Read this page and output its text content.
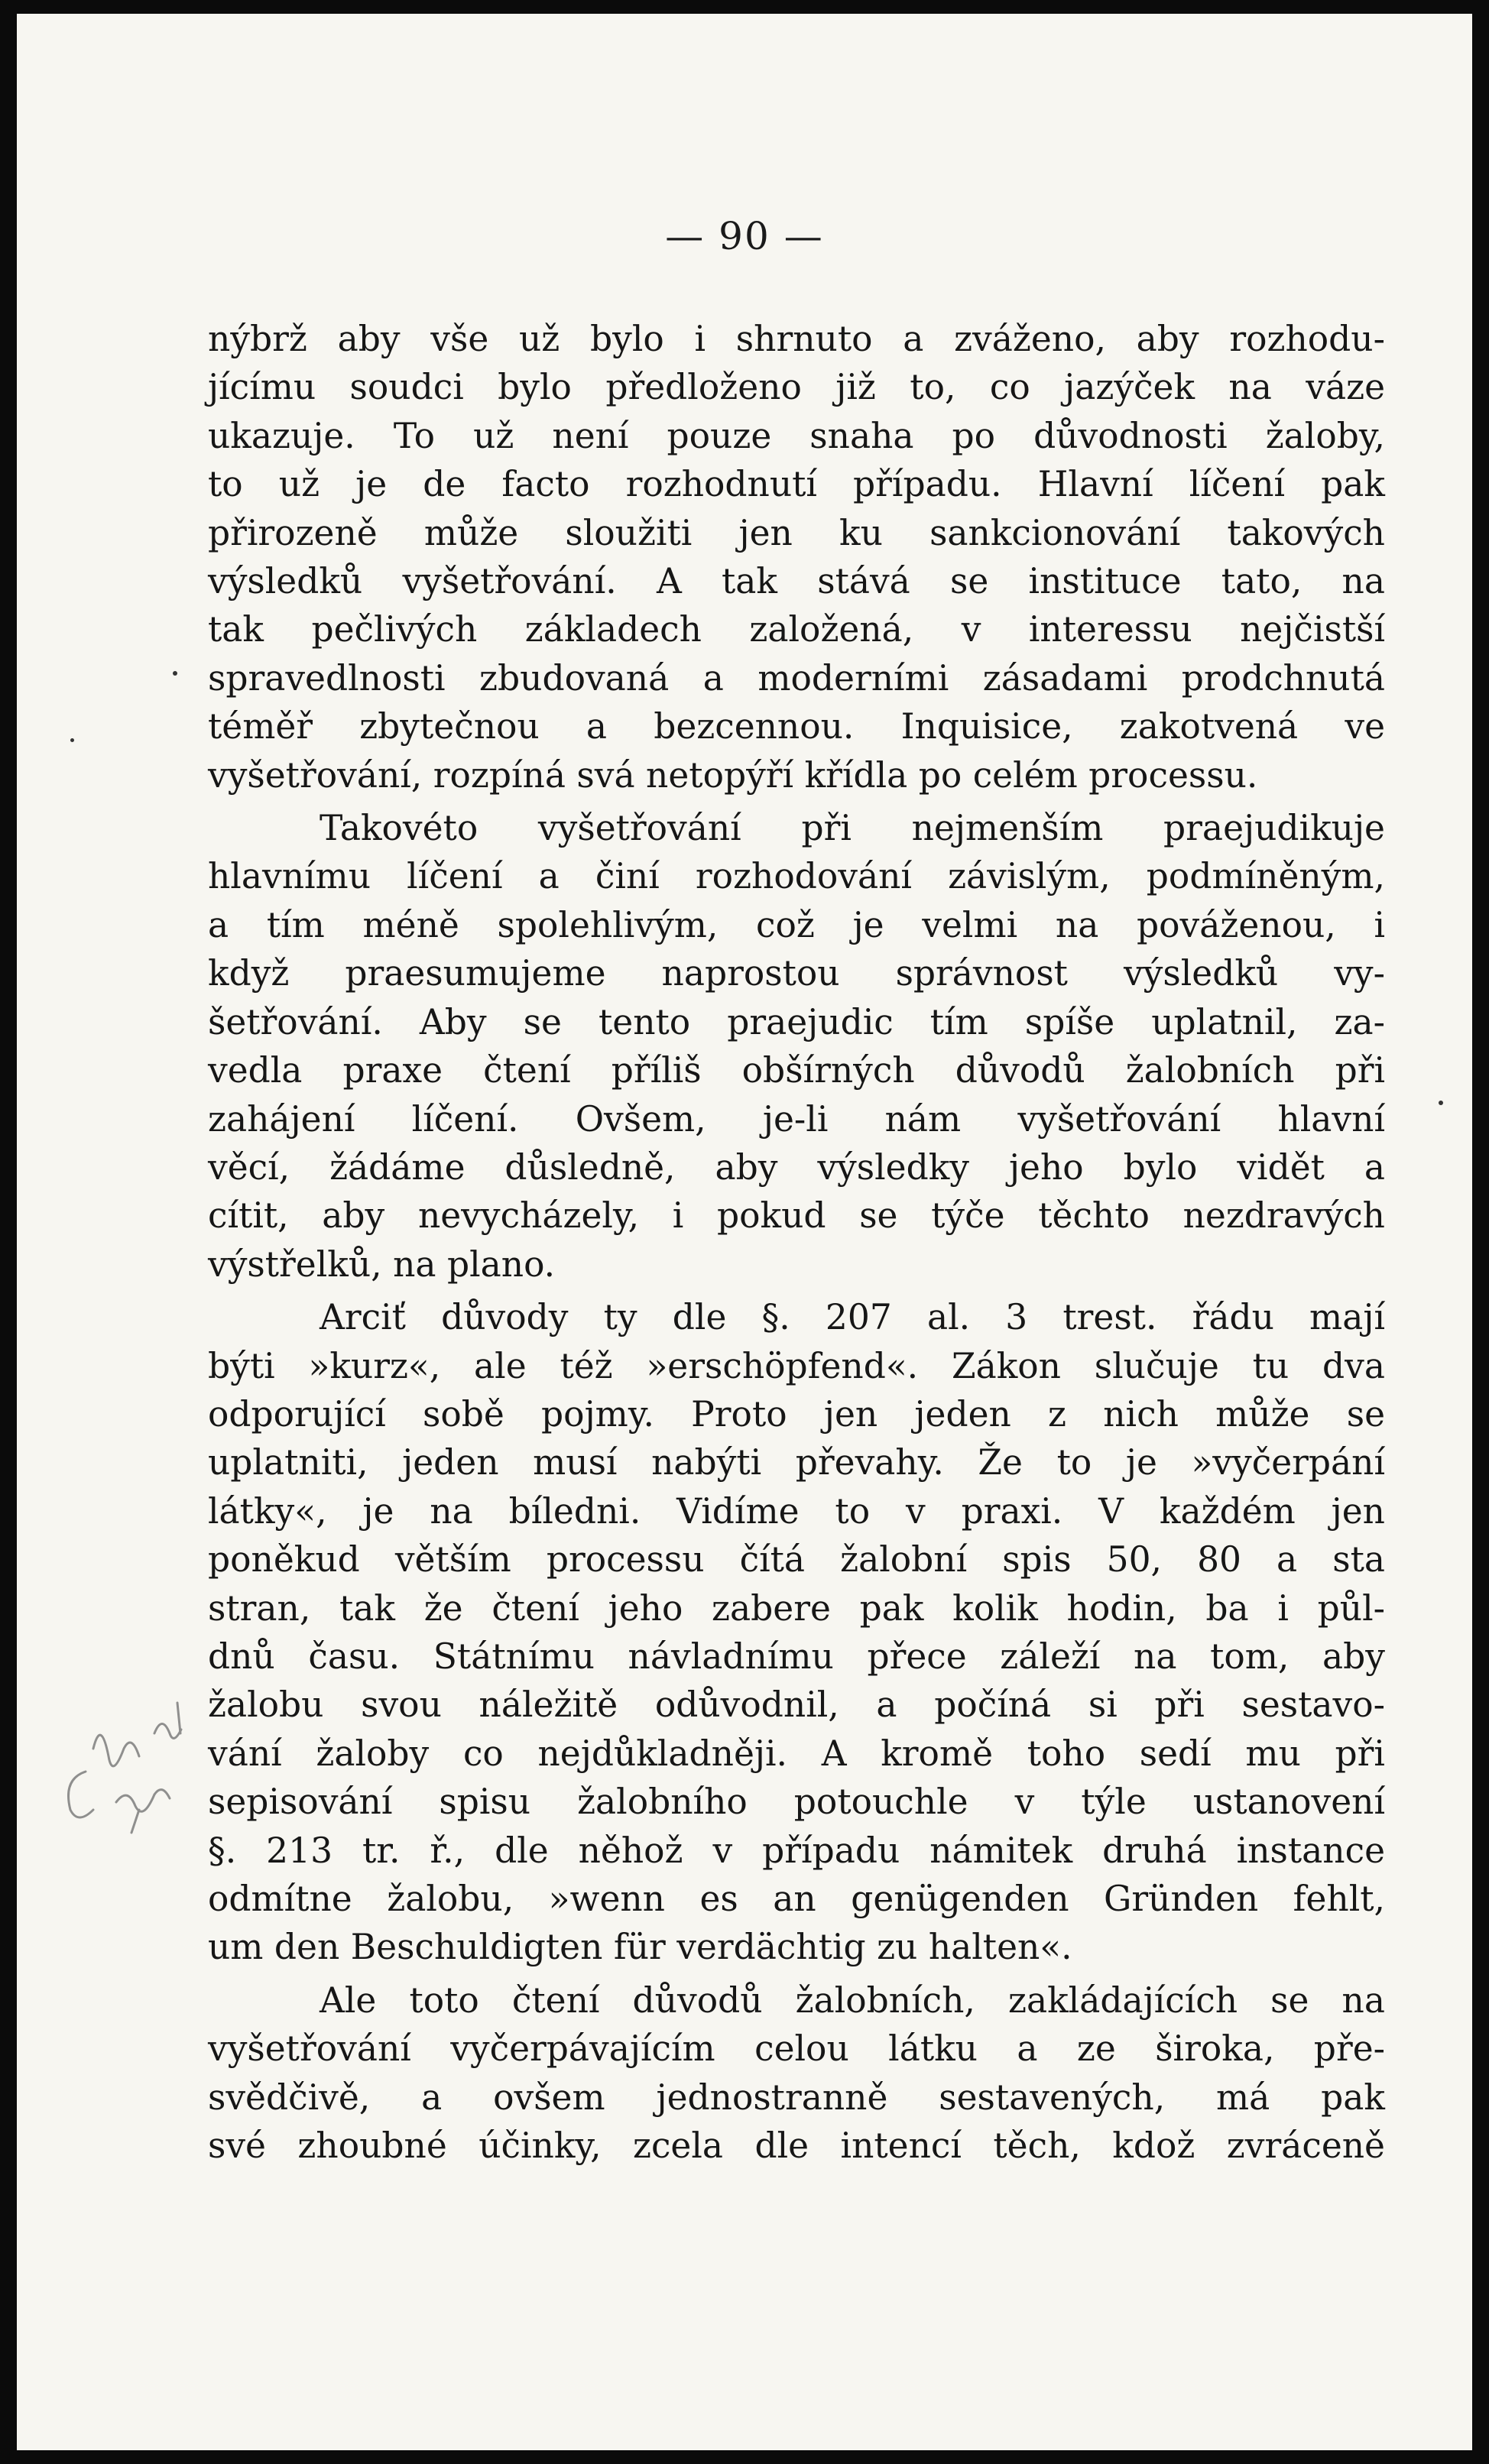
— 90 —

nýbrž aby vše už bylo i shrnuto a zváženo, aby rozhodu-
jícímu soudci bylo předloženo již to, co jazýček na váze
ukazuje. To už není pouze snaha po důvodnosti žaloby,
to už je de facto rozhodnutí případu. Hlavní líčení pak
přirozeně může sloužiti jen ku sankcionování takových
výsledků vyšetřování. A tak stává se instituce tato, na
tak pečlivých základech založená, v interessu nejčistší
spravedlnosti zbudovaná a moderními zásadami prodchnutá
téměř zbytečnou a bezcennou. Inquisice, zakotvená ve
vyšetřování, rozpíná svá netopýří křídla po celém processu.

Takovéto vyšetřování při nejmenším praejudikuje
hlavnímu líčení a činí rozhodování závislým, podmíněným,
a tím méně spolehlivým, což je velmi na pováženou, i
když praesumujeme naprostou správnost výsledků vy-
šetřování. Aby se tento praejudic tím spíše uplatnil, za-
vedla praxe čtení příliš obšírných důvodů žalobních při
zahájení líčení. Ovšem, je-li nám vyšetřování hlavní
věcí, žádáme důsledně, aby výsledky jeho bylo vidět a
cítit, aby nevycházely, i pokud se týče těchto nezdravých
výstřelků, na plano.

Arciť důvody ty dle §. 207 al. 3 trest. řádu mají
býti »kurz«, ale též »erschöpfend«. Zákon slučuje tu dva
odporující sobě pojmy. Proto jen jeden z nich může se
uplatniti, jeden musí nabýti převahy. Že to je »vyčerpání
látky«, je na bíledni. Vidíme to v praxi. V každém jen
poněkud větším processu čítá žalobní spis 50, 80 a sta
stran, tak že čtení jeho zabere pak kolik hodin, ba i půl-
dnů času. Státnímu návladnímu přece záleží na tom, aby
žalobu svou náležitě odůvodnil, a počíná si při sestavo-
vání žaloby co nejdůkladněji. A kromě toho sedí mu při
sepisování spisu žalobního potouchle v týle ustanovení
§. 213 tr. ř., dle něhož v případu námitek druhá instance
odmítne žalobu, »wenn es an genügenden Gründen fehlt,
um den Beschuldigten für verdächtig zu halten«.

Ale toto čtení důvodů žalobních, zakládajících se na
vyšetřování vyčerpávajícím celou látku a ze široka, pře-
svědčivě, a ovšem jednostranně sestavených, má pak
své zhoubné účinky, zcela dle intencí těch, kdož zvráceně
